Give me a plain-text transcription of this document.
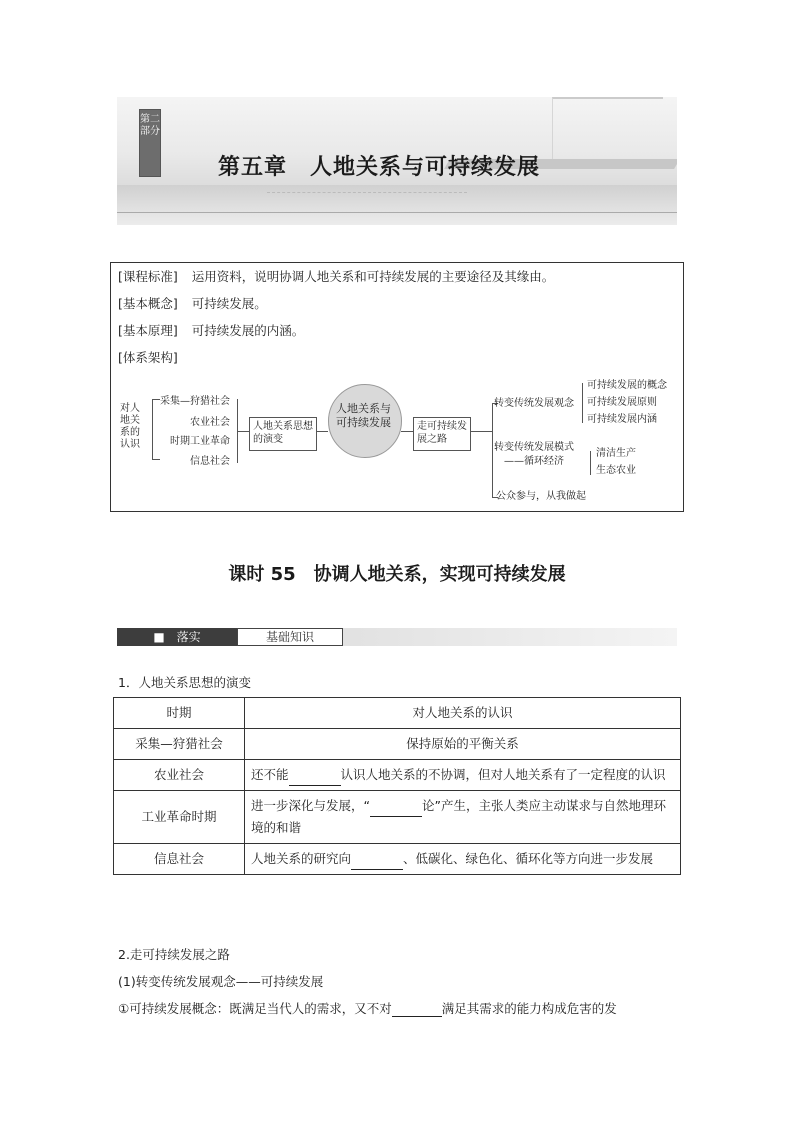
第二部分
第五章　人地关系与可持续发展
[课程标准] 运用资料，说明协调人地关系和可持续发展的主要途径及其缘由。
[基本概念] 可持续发展。
[基本原理] 可持续发展的内涵。
[体系架构]
对人地关系的认识
采集—狩猎社会
农业社会
时期工业革命
信息社会
人地关系思想的演变
人地关系与可持续发展	走可持续发展之路
转变传统发展观念
可持续发展的概念
可持续发展原则
可持续发展内涵
转变传统发展模式
——循环经济
清洁生产
生态农业
公众参与，从我做起
课时 55　协调人地关系，实现可持续发展
■　落实	基础知识
1．人地关系思想的演变
时期	对人地关系的认识
采集—狩猎社会	保持原始的平衡关系
农业社会	还不能 认识人地关系的不协调，但对人地关系有了一定程度的认识
工业革命时期	进一步深化与发展，“ 论”产生，主张人类应主动谋求与自然地理环境的和谐
信息社会	人地关系的研究向 、低碳化、绿色化、循环化等方向进一步发展
2.走可持续发展之路
(1)转变传统发展观念——可持续发展
①可持续发展概念：既满足当代人的需求，又不对	满足其需求的能力构成危害的发
